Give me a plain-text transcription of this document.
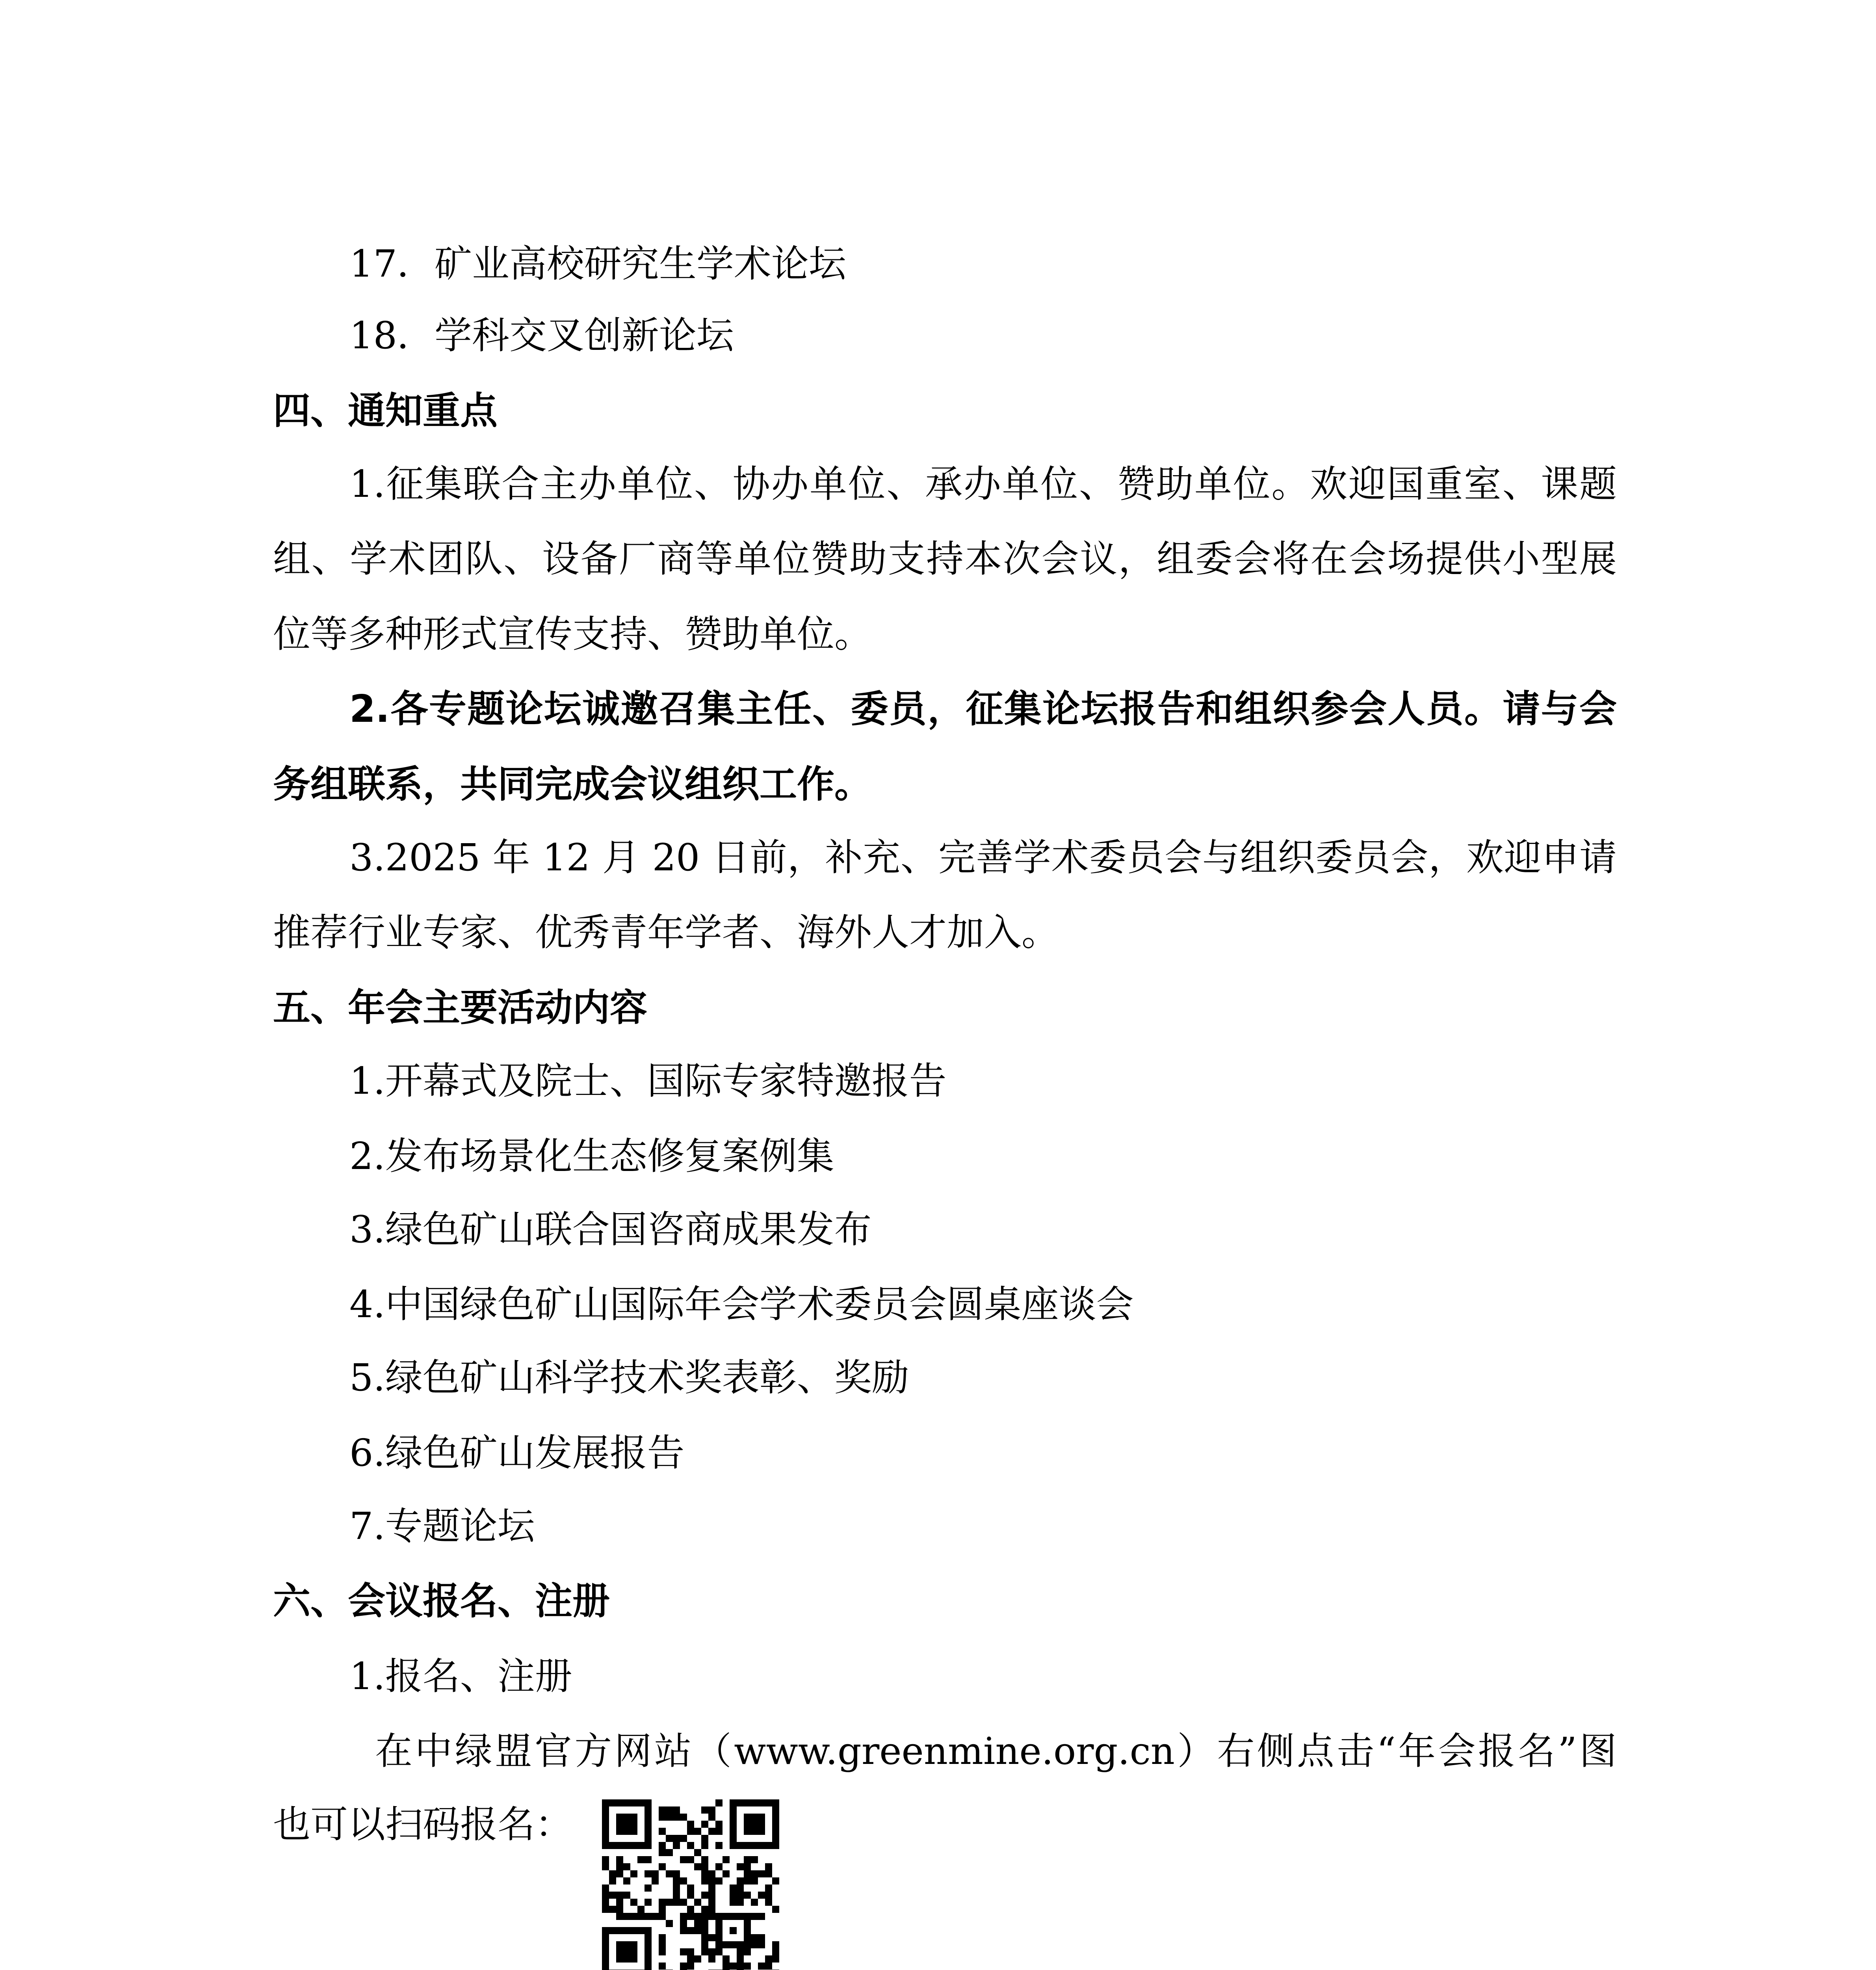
17．矿业高校研究生学术论坛
18．学科交叉创新论坛
四、通知重点
1.征集联合主办单位、协办单位、承办单位、赞助单位。欢迎国重室、课题
组、学术团队、设备厂商等单位赞助支持本次会议，组委会将在会场提供小型展
位等多种形式宣传支持、赞助单位。
2.各专题论坛诚邀召集主任、委员，征集论坛报告和组织参会人员。请与会
务组联系，共同完成会议组织工作。
3.2025 年 12 月 20 日前，补充、完善学术委员会与组织委员会，欢迎申请
推荐行业专家、优秀青年学者、海外人才加入。
五、年会主要活动内容
1.开幕式及院士、国际专家特邀报告
2.发布场景化生态修复案例集
3.绿色矿山联合国咨商成果发布
4.中国绿色矿山国际年会学术委员会圆桌座谈会
5.绿色矿山科学技术奖表彰、奖励
6.绿色矿山发展报告
7.专题论坛
六、会议报名、注册
1.报名、注册
在中绿盟官方网站（www.greenmine.org.cn）右侧点击“年会报名”图
也可以扫码报名：
